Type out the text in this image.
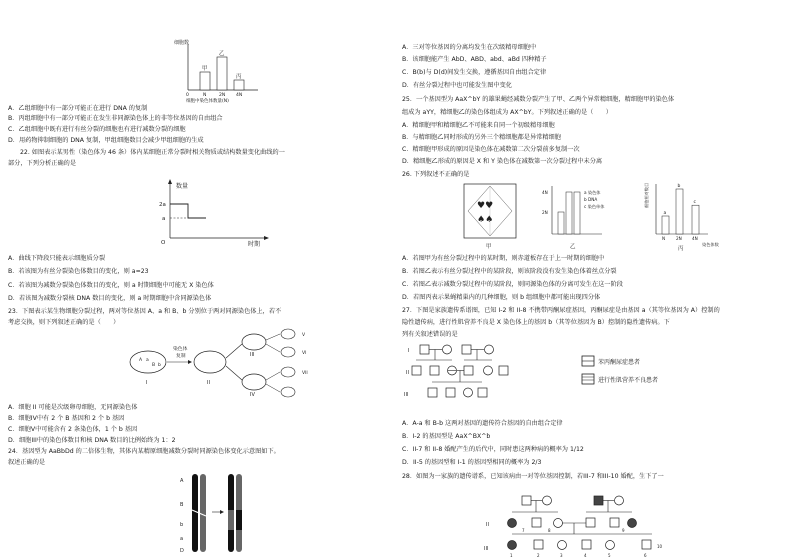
细胞数
甲
乙
丙
0	N	2N 4N
细胞中染色体数量(N)
A．乙组细胞中有一部分可能正在进行 DNA 的复制
B．丙组细胞中有一部分可能正在发生非同源染色体上的非等位基因的自由组合
C．乙组细胞中既有进行有丝分裂的细胞也有进行减数分裂的细胞
D．用药物抑制细胞的 DNA 复制，甲组细胞数目会减少甲组细胞的生成
22. 如图表示某男性（染色体为 46 条）体内某细胞正常分裂时相关物质或结构数量变化曲线的一
部分，下列分析正确的是
数量
2a
a
O	时期
A．曲线下降段只能表示细胞质分裂
B．若该图为有丝分裂染色体数目的变化，则 a=23
C．若该图为减数分裂染色体数目的变化，则 a 时期细胞中可能无 X 染色体
D．若该图为减数分裂核 DNA 数目的变化，则 a 时期细胞中含同源染色体
23．下图表示某生物细胞分裂过程，两对等位基因 A、a 和 B、b 分别位于两对同源染色体上，若不
考虑交换，则下列叙述正确的是（　　）
A a
B b
I
染色体
复制
II
III
IV
V
VI
VII
A．细胞 II 可能是次级卵母细胞，无同源染色体
B．细胞IV中有 2 个 B 基因和 2 个 b 基因
C．细胞V中可能含有 2 条染色体，1 个 b 基因
D．细胞III中的染色体数目和核 DNA 数目的比例始终为 1：2
24．基因型为 AaBbDd 的二倍体生物，其体内某精原细胞减数分裂时同源染色体变化示意图如下。
叙述正确的是
A
B
b
a
D
A．三对等位基因的分离均发生在次级精母细胞中
B．该细胞能产生 AbD、ABD、abd、aBd 四种精子
C．B(b)与 D(d)间发生交换，遵循基因自由组合定律
D．有丝分裂过程中也可能发生图中变化
25．一个基因型为 AaX^bY 的雄果蝇经减数分裂产生了甲、乙两个异常精细胞，精细胞甲的染色体
组成为 aYY，精细胞乙的染色体组成为 AX^bY。下列叙述正确的是（　　）
A．精细胞甲和精细胞乙不可能来自同一个初级精母细胞
B．与精细胞乙同时形成的另外三个精细胞都是异常精细胞
C．精细胞甲形成的原因是染色体在减数第二次分裂前多复制一次
D．精细胞乙形成的原因是 X 和 Y 染色体在减数第一次分裂过程中未分离
26. 下列叙述不正确的是
♥♥
♠♠
甲
4N
2N
a 染色体
b DNA
c 染色单体
乙
细胞相对数目
a
b
c
N	2N 4N
染色体数
丙
A．若图甲为有丝分裂过程中的某时期，则赤道板存在于上一时期的细胞中
B．若图乙表示有丝分裂过程中的某阶段，则该阶段没有发生染色体着丝点分裂
C．若图乙表示减数分裂过程中的某阶段，则同源染色体的分离可发生在这一阶段
D．若图丙表示果蝇精巢内的几种细胞，则 b 组细胞中都可能出现四分体
27．下图是家族遗传系谱图，已知 I-2 和 II-8 不携带丙酮尿症基因，丙酮尿症是由基因 a（其等位基因为 A）控制的
隐性遗传病，进行性肌营养不良是 X 染色体上的基因 b（其等位基因为 B）控制的隐性遗传病。下
列有关叙述错误的是
I
II
III
苯丙酮尿症患者
进行性肌营养不良患者
A．A-a 和 B-b 这两对基因的遗传符合基因的自由组合定律
B．I-2 的基因型是 AaX^BX^b
C．II-7 和 II-8 婚配产生的后代中，同时患这两种病的概率为 1/12
D．II-5 的基因型和 I-1 的基因型相同的概率为 2/3
28．如图为一家族的遗传谱系，已知该病由一对等位基因控制，若III-7 和III-10 婚配，生下了一
II
III
1	2	3	4	5	6
7	8	9
10
